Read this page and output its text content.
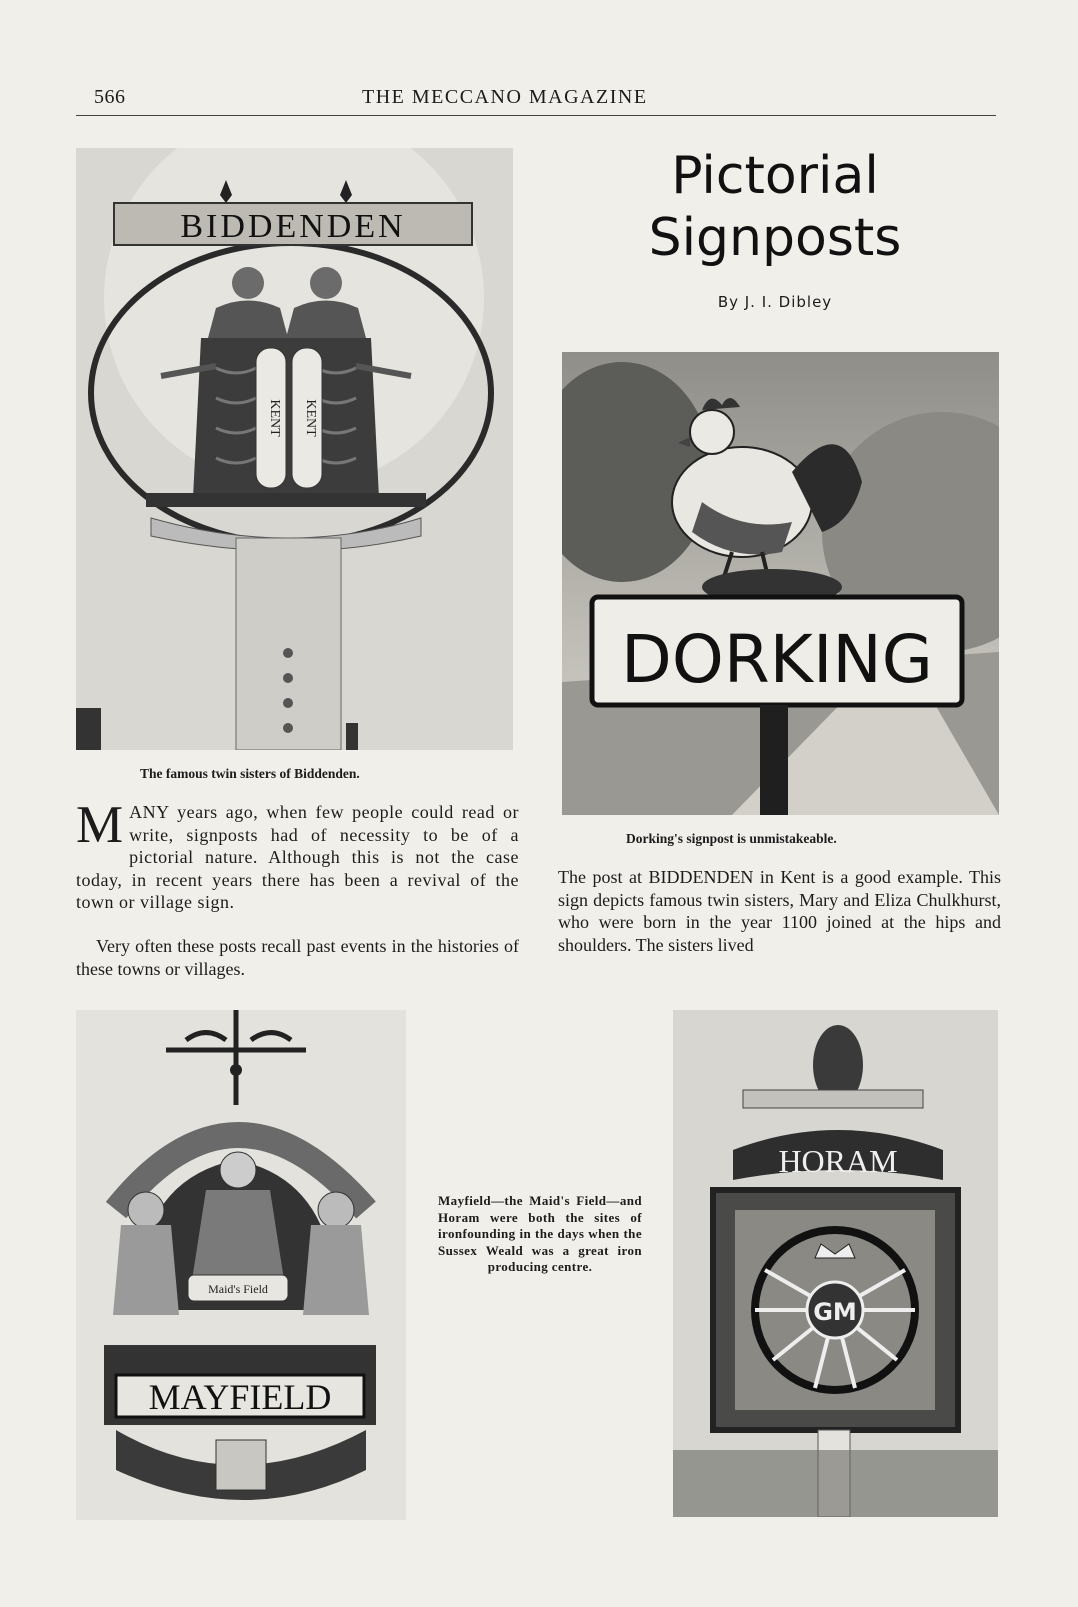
566	THE MECCANO MAGAZINE
Pictorial
Signposts
By J. I. Dibley
BIDDENDEN
KENT KENT
The famous twin sisters of Biddenden.
DORKING
Dorking's signpost is unmistakeable.
MANY years ago, when few people could read or write, signposts had of necessity to be of a pictorial nature. Although this is not the case today, in recent years there has been a revival of the town or village sign.
Very often these posts recall past events in the histories of these towns or villages.
The post at BIDDENDEN in Kent is a good example. This sign depicts famous twin sisters, Mary and Eliza Chulkhurst, who were born in the year 1100 joined at the hips and shoulders. The sisters lived
Maid's Field
MAYFIELD
Mayfield—the Maid's Field—and Horam were both the sites of ironfounding in the days when the Sussex Weald was a great iron producing centre.
HORAM
GM
